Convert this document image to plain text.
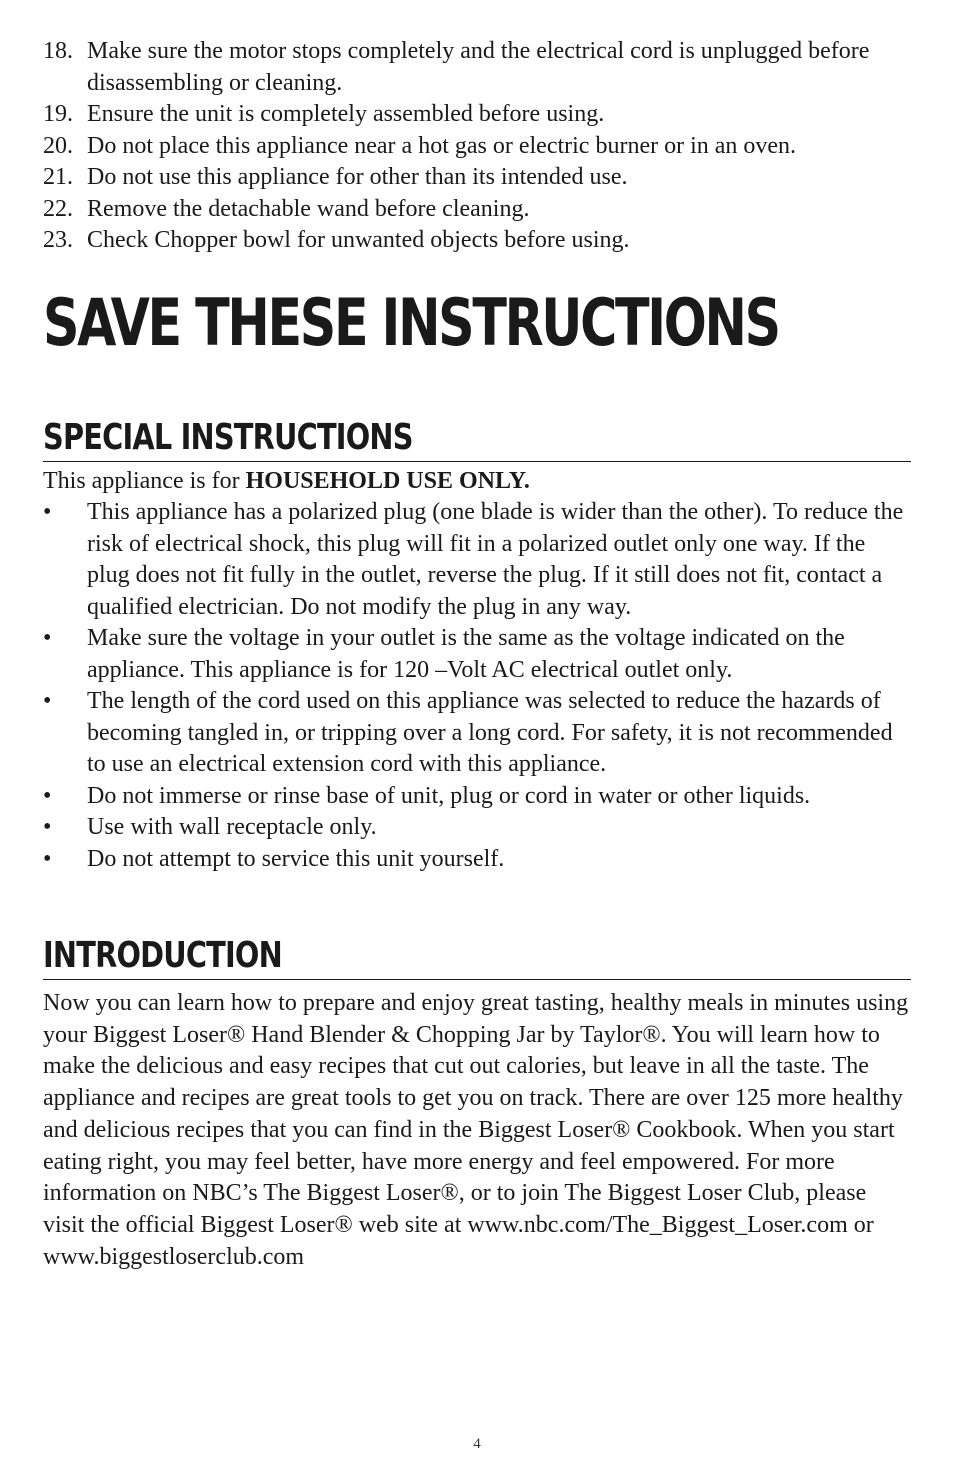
18. Make sure the motor stops completely and the electrical cord is unplugged before disassembling or cleaning.
19. Ensure the unit is completely assembled before using.
20. Do not place this appliance near a hot gas or electric burner or in an oven.
21. Do not use this appliance for other than its intended use.
22. Remove the detachable wand before cleaning.
23. Check Chopper bowl for unwanted objects before using.
SAVE THESE INSTRUCTIONS
SPECIAL INSTRUCTIONS

This appliance is for HOUSEHOLD USE ONLY.

• This appliance has a polarized plug (one blade is wider than the other). To reduce the risk of electrical shock, this plug will fit in a polarized outlet only one way. If the plug does not fit fully in the outlet, reverse the plug. If it still does not fit, contact a qualified electrician. Do not modify the plug in any way.
• Make sure the voltage in your outlet is the same as the voltage indicated on the appliance. This appliance is for 120 –Volt AC electrical outlet only.
• The length of the cord used on this appliance was selected to reduce the hazards of becoming tangled in, or tripping over a long cord. For safety, it is not recommended to use an electrical extension cord with this appliance.
• Do not immerse or rinse base of unit, plug or cord in water or other liquids.
• Use with wall receptacle only.
• Do not attempt to service this unit yourself.
INTRODUCTION

Now you can learn how to prepare and enjoy great tasting, healthy meals in minutes using your Biggest Loser® Hand Blender & Chopping Jar by Taylor®. You will learn how to make the delicious and easy recipes that cut out calories, but leave in all the taste. The appliance and recipes are great tools to get you on track. There are over 125 more healthy and delicious recipes that you can find in the Biggest Loser® Cookbook. When you start eating right, you may feel better, have more energy and feel empowered. For more information on NBC’s The Biggest Loser®, or to join The Biggest Loser Club, please visit the official Biggest Loser® web site at www.nbc.com/The_Biggest_Loser.com or www.biggestloserclub.com

4
